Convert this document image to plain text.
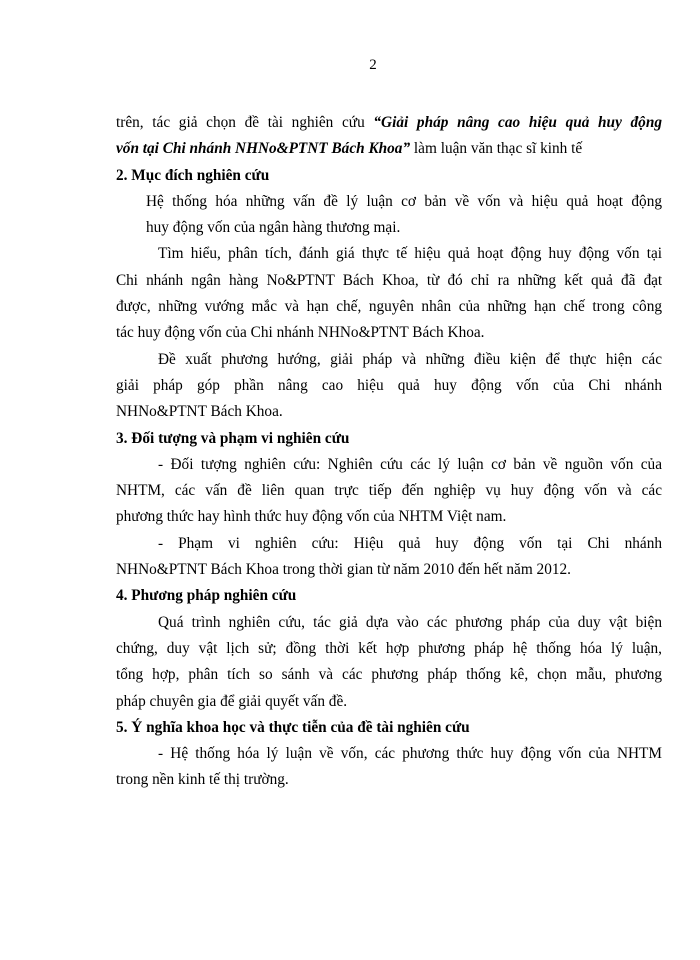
2

trên, tác giả chọn đề tài nghiên cứu “Giải pháp nâng cao hiệu quả huy động

vốn tại Chi nhánh NHNo&PTNT Bách Khoa” làm luận văn thạc sĩ kinh tế

2. Mục đích nghiên cứu

Hệ thống hóa những vấn đề lý luận cơ bản về vốn và hiệu quả hoạt động

huy động vốn của ngân hàng thương mại.

Tìm hiểu, phân tích, đánh giá thực tế hiệu quả hoạt động huy động vốn tại

Chi nhánh ngân hàng No&PTNT Bách Khoa, từ đó chỉ ra những kết quả đã đạt

được, những vướng mắc và hạn chế, nguyên nhân của những hạn chế trong công

tác huy động vốn của Chi nhánh NHNo&PTNT Bách Khoa.

Đề xuất phương hướng, giải pháp và những điều kiện để thực hiện các

giải pháp góp phần nâng cao hiệu quả huy động vốn của Chi nhánh

NHNo&PTNT Bách Khoa.

3. Đối tượng và phạm vi nghiên cứu

- Đối tượng nghiên cứu: Nghiên cứu các lý luận cơ bản về nguồn vốn của

NHTM, các vấn đề liên quan trực tiếp đến nghiệp vụ huy động vốn và các

phương thức hay hình thức huy động vốn của NHTM Việt nam.

- Phạm vi nghiên cứu: Hiệu quả huy động vốn tại Chi nhánh

NHNo&PTNT Bách Khoa trong thời gian từ năm 2010 đến hết năm 2012.

4. Phương pháp nghiên cứu

Quá trình nghiên cứu, tác giả dựa vào các phương pháp của duy vật biện

chứng, duy vật lịch sử; đồng thời kết hợp phương pháp hệ thống hóa lý luận,

tổng hợp, phân tích so sánh và các phương pháp thống kê, chọn mẫu, phương

pháp chuyên gia để giải quyết vấn đề.

5. Ý nghĩa khoa học và thực tiễn của đề tài nghiên cứu

- Hệ thống hóa lý luận về vốn, các phương thức huy động vốn của NHTM

trong nền kinh tế thị trường.
